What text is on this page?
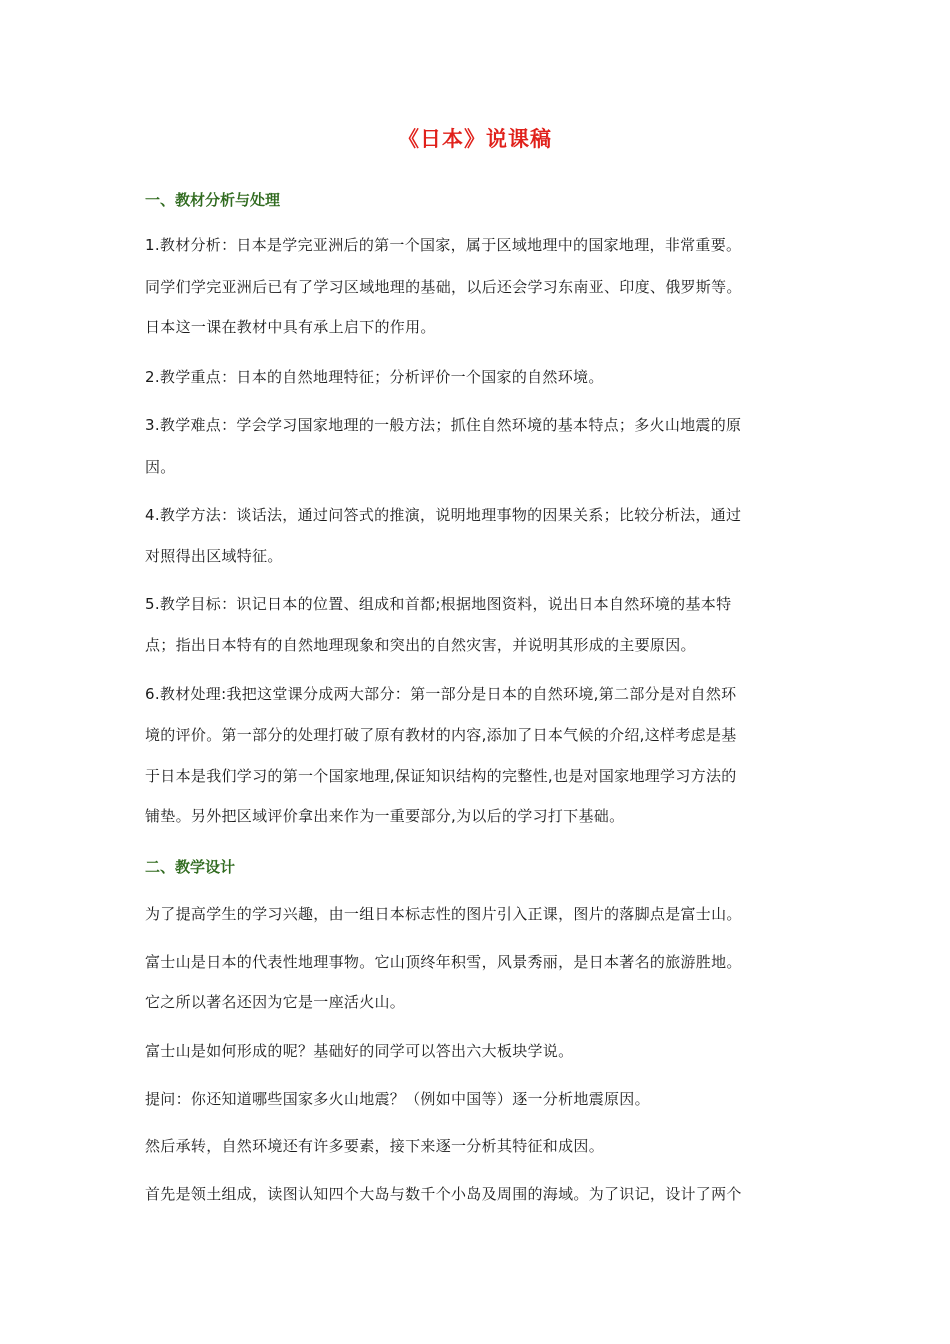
《日本》说课稿
一、教材分析与处理
1.教材分析：日本是学完亚洲后的第一个国家，属于区域地理中的国家地理，非常重要。
同学们学完亚洲后已有了学习区域地理的基础，以后还会学习东南亚、印度、俄罗斯等。
日本这一课在教材中具有承上启下的作用。
2.教学重点：日本的自然地理特征；分析评价一个国家的自然环境。
3.教学难点：学会学习国家地理的一般方法；抓住自然环境的基本特点；多火山地震的原
因。
4.教学方法：谈话法，通过问答式的推演，说明地理事物的因果关系；比较分析法，通过
对照得出区域特征。
5.教学目标：识记日本的位置、组成和首都;根据地图资料，说出日本自然环境的基本特
点；指出日本特有的自然地理现象和突出的自然灾害，并说明其形成的主要原因。
6.教材处理:我把这堂课分成两大部分：第一部分是日本的自然环境,第二部分是对自然环
境的评价。第一部分的处理打破了原有教材的内容,添加了日本气候的介绍,这样考虑是基
于日本是我们学习的第一个国家地理,保证知识结构的完整性,也是对国家地理学习方法的
铺垫。另外把区域评价拿出来作为一重要部分,为以后的学习打下基础。
二、教学设计
为了提高学生的学习兴趣，由一组日本标志性的图片引入正课，图片的落脚点是富士山。
富士山是日本的代表性地理事物。它山顶终年积雪，风景秀丽，是日本著名的旅游胜地。
它之所以著名还因为它是一座活火山。
富士山是如何形成的呢？基础好的同学可以答出六大板块学说。
提问：你还知道哪些国家多火山地震？（例如中国等）逐一分析地震原因。
然后承转，自然环境还有许多要素，接下来逐一分析其特征和成因。
首先是领土组成，读图认知四个大岛与数千个小岛及周围的海域。为了识记，设计了两个
